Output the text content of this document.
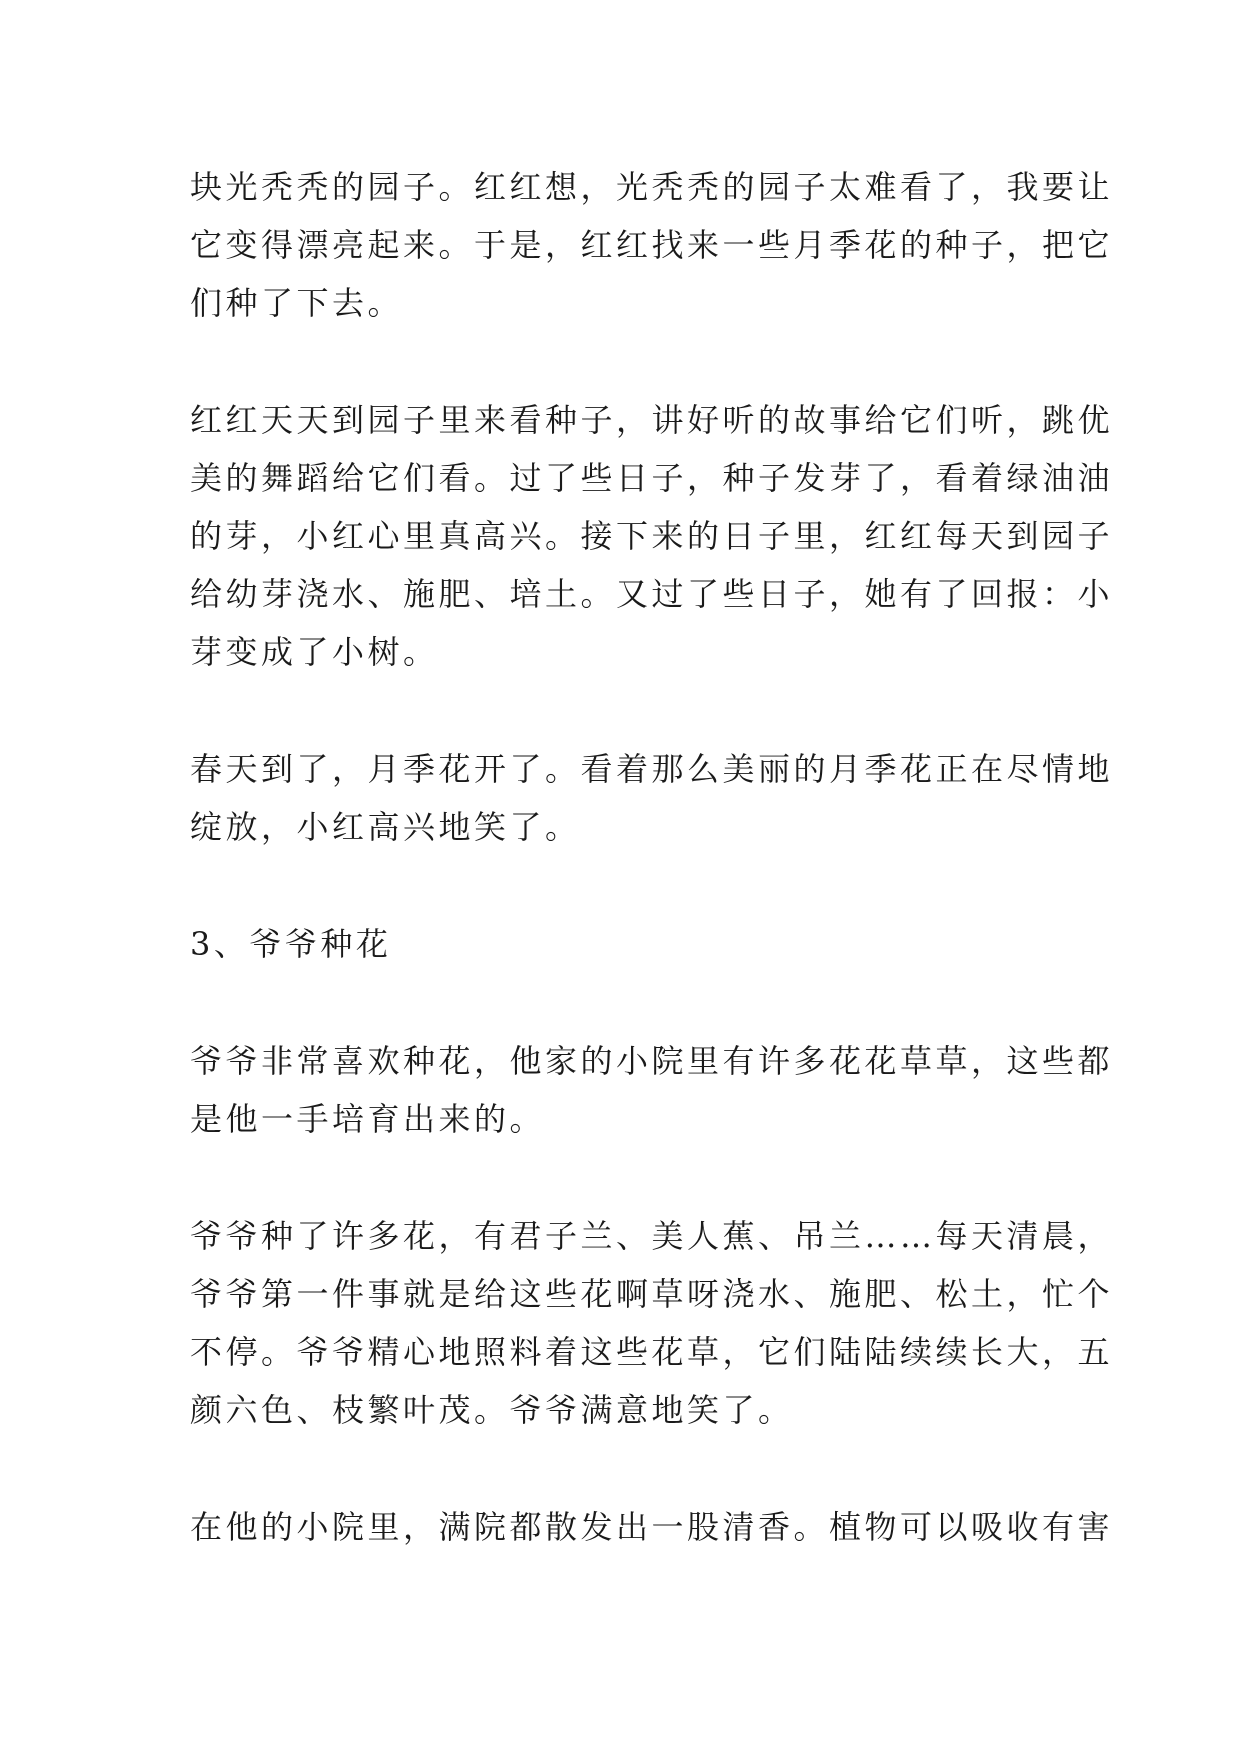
块光秃秃的园子。红红想，光秃秃的园子太难看了，我要让
它变得漂亮起来。于是，红红找来一些月季花的种子，把它
们种了下去。

红红天天到园子里来看种子，讲好听的故事给它们听，跳优
美的舞蹈给它们看。过了些日子，种子发芽了，看着绿油油
的芽，小红心里真高兴。接下来的日子里，红红每天到园子
给幼芽浇水、施肥、培土。又过了些日子，她有了回报：小
芽变成了小树。

春天到了，月季花开了。看着那么美丽的月季花正在尽情地
绽放，小红高兴地笑了。

3、爷爷种花

爷爷非常喜欢种花，他家的小院里有许多花花草草，这些都
是他一手培育出来的。

爷爷种了许多花，有君子兰、美人蕉、吊兰……每天清晨，
爷爷第一件事就是给这些花啊草呀浇水、施肥、松土，忙个
不停。爷爷精心地照料着这些花草，它们陆陆续续长大，五
颜六色、枝繁叶茂。爷爷满意地笑了。

在他的小院里，满院都散发出一股清香。植物可以吸收有害
